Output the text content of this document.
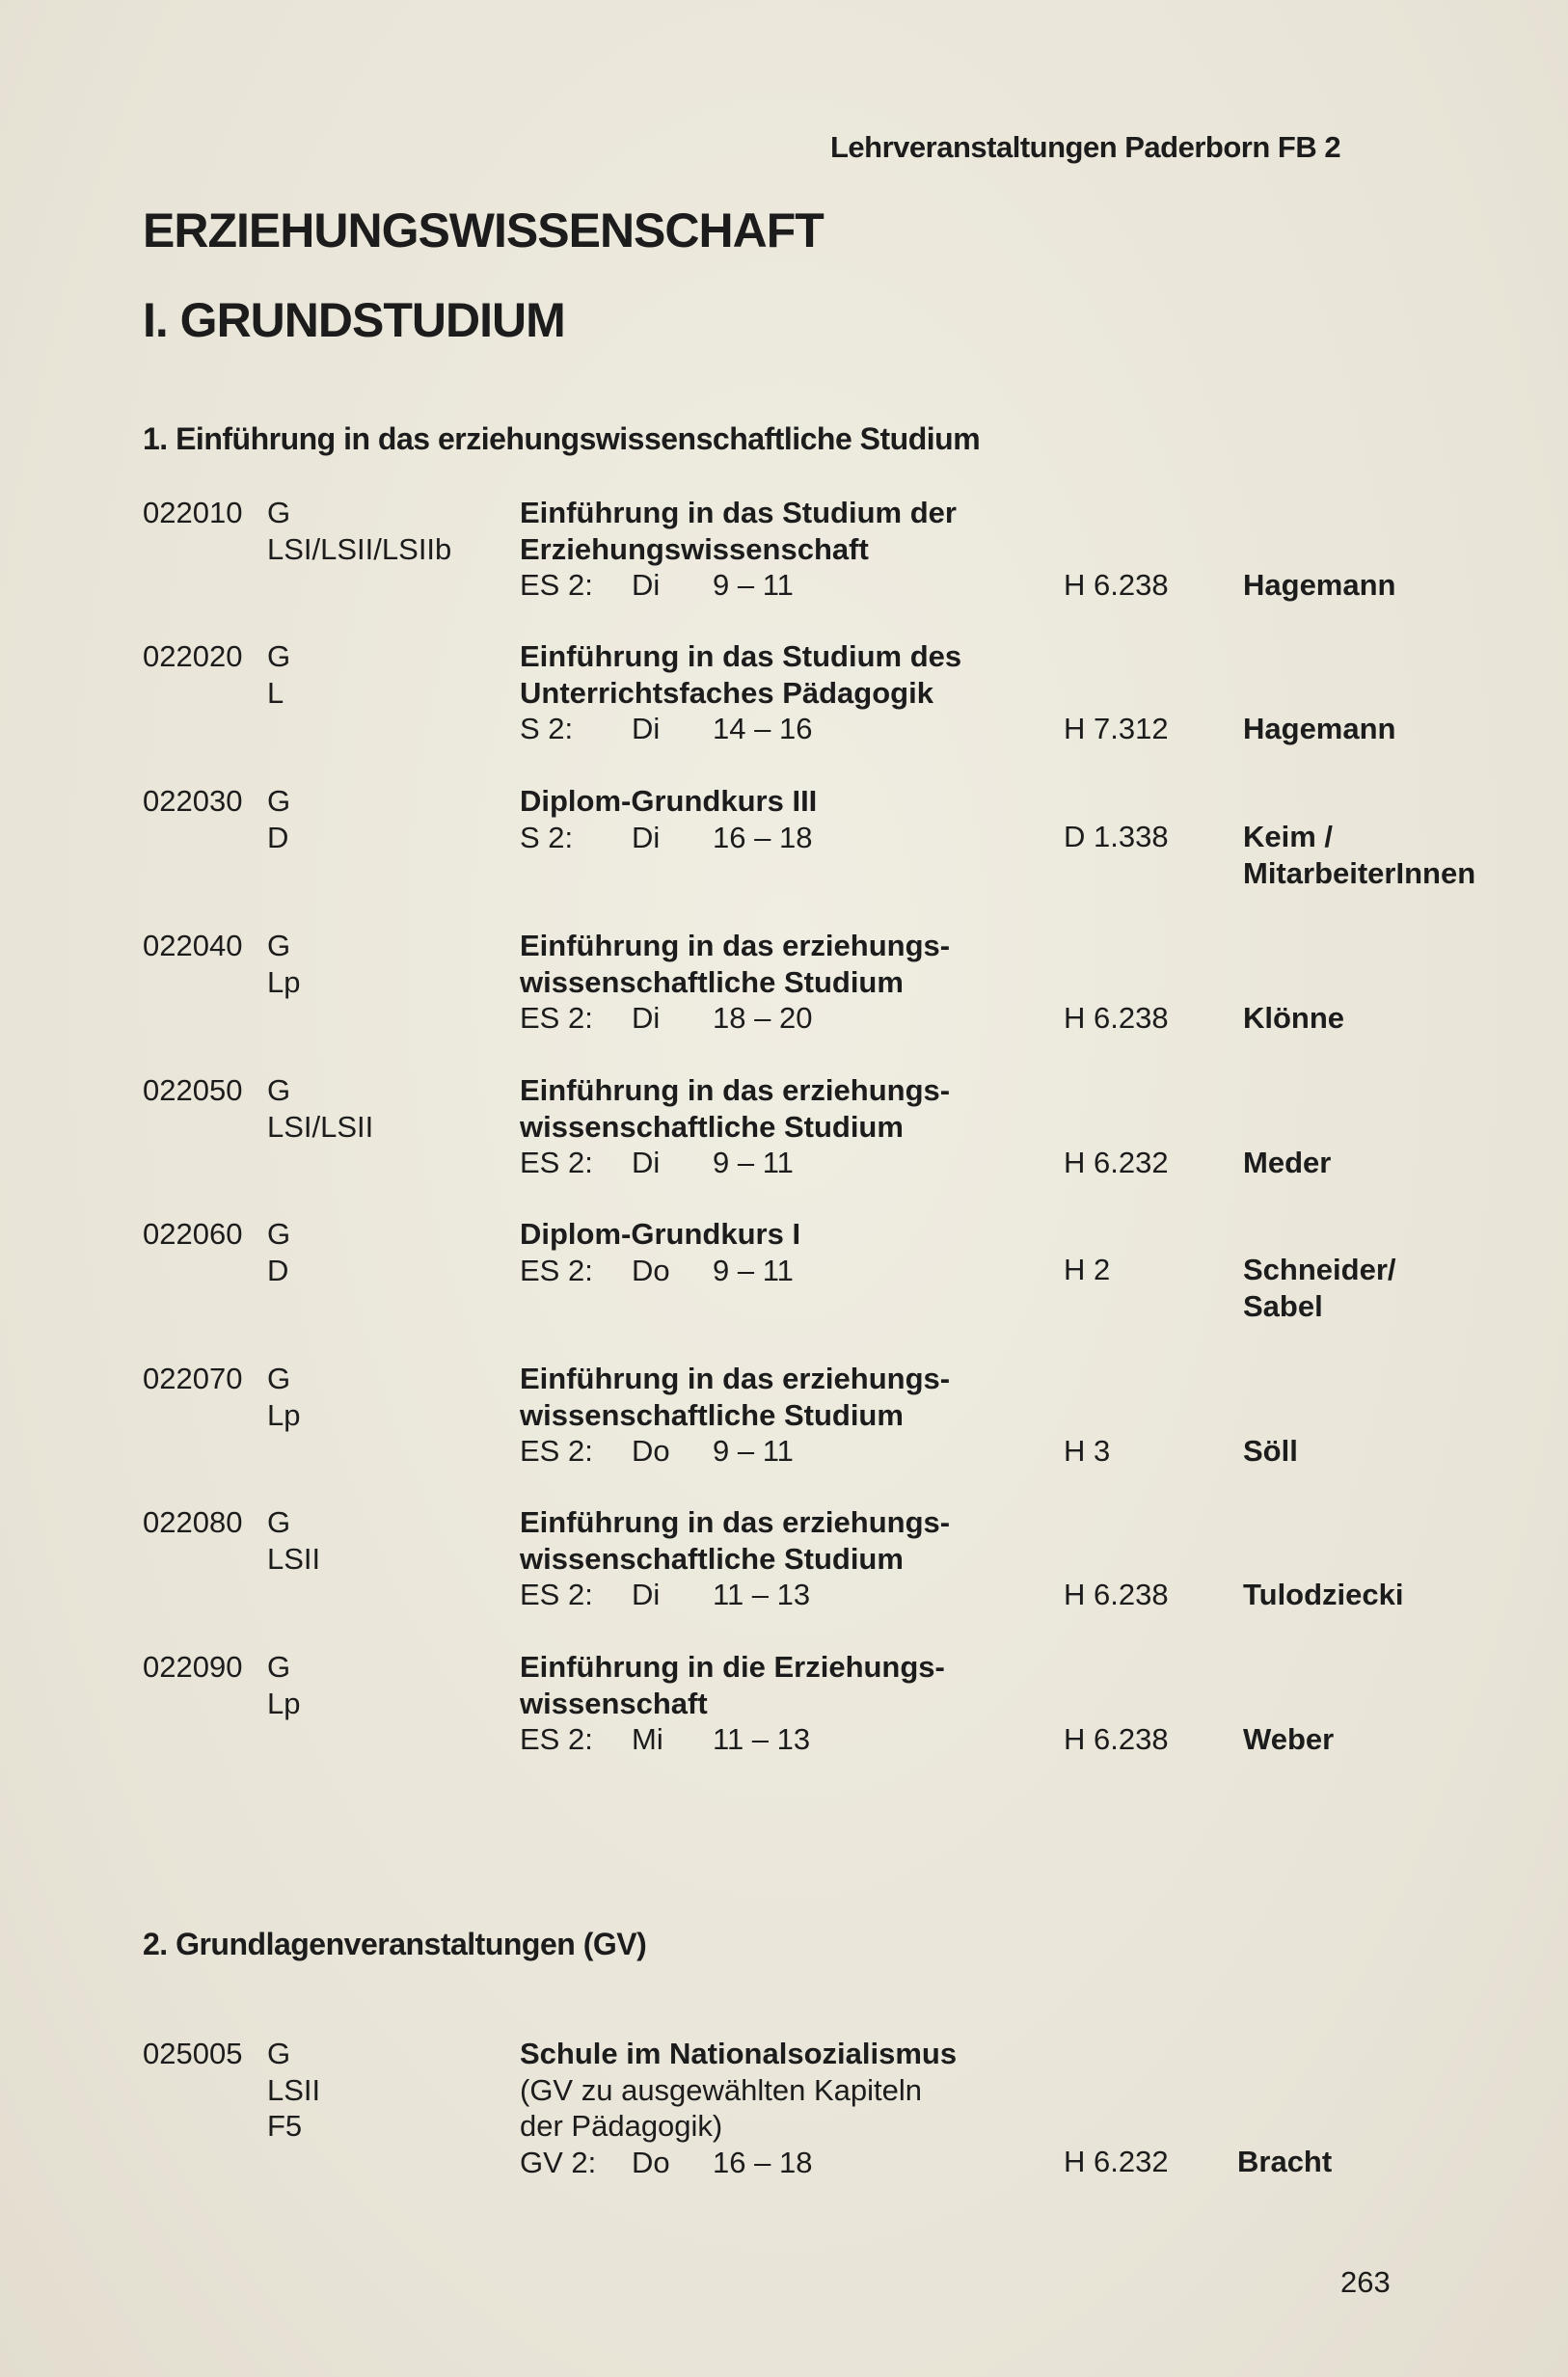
Lehrveranstaltungen Paderborn FB 2
ERZIEHUNGSWISSENSCHAFT
I. GRUNDSTUDIUM
1. Einführung in das erziehungswissenschaftliche Studium
022010 G
LSI/LSII/LSIIb
Einführung in das Studium der
Erziehungswissenschaft
ES 2: Di 9 – 11	H 6.238 Hagemann
022020 G
L
Einführung in das Studium des
Unterrichtsfaches Pädagogik
S 2: Di 14 – 16	H 7.312 Hagemann
022030 G
D
Diplom-Grundkurs III
S 2: Di 16 – 18	D 1.338 Keim /
MitarbeiterInnen
022040 G
Lp
Einführung in das erziehungs-
wissenschaftliche Studium
ES 2: Di 18 – 20	H 6.238 Klönne
022050 G
LSI/LSII
Einführung in das erziehungs-
wissenschaftliche Studium
ES 2: Di 9 – 11	H 6.232 Meder
022060 G
D
Diplom-Grundkurs I
ES 2: Do 9 – 11	H 2	Schneider/
Sabel
022070 G
Lp
Einführung in das erziehungs-
wissenschaftliche Studium
ES 2: Do 9 – 11	H 3	Söll
022080 G
LSII
Einführung in das erziehungs-
wissenschaftliche Studium
ES 2: Di 11 – 13	H 6.238 Tulodziecki
022090 G
Lp
Einführung in die Erziehungs-
wissenschaft
ES 2: Mi 11 – 13	H 6.238 Weber
2. Grundlagenveranstaltungen (GV)
025005 G
LSII
F5
Schule im Nationalsozialismus
(GV zu ausgewählten Kapiteln
der Pädagogik)
GV 2: Do 16 – 18	H 6.232 Bracht
263
